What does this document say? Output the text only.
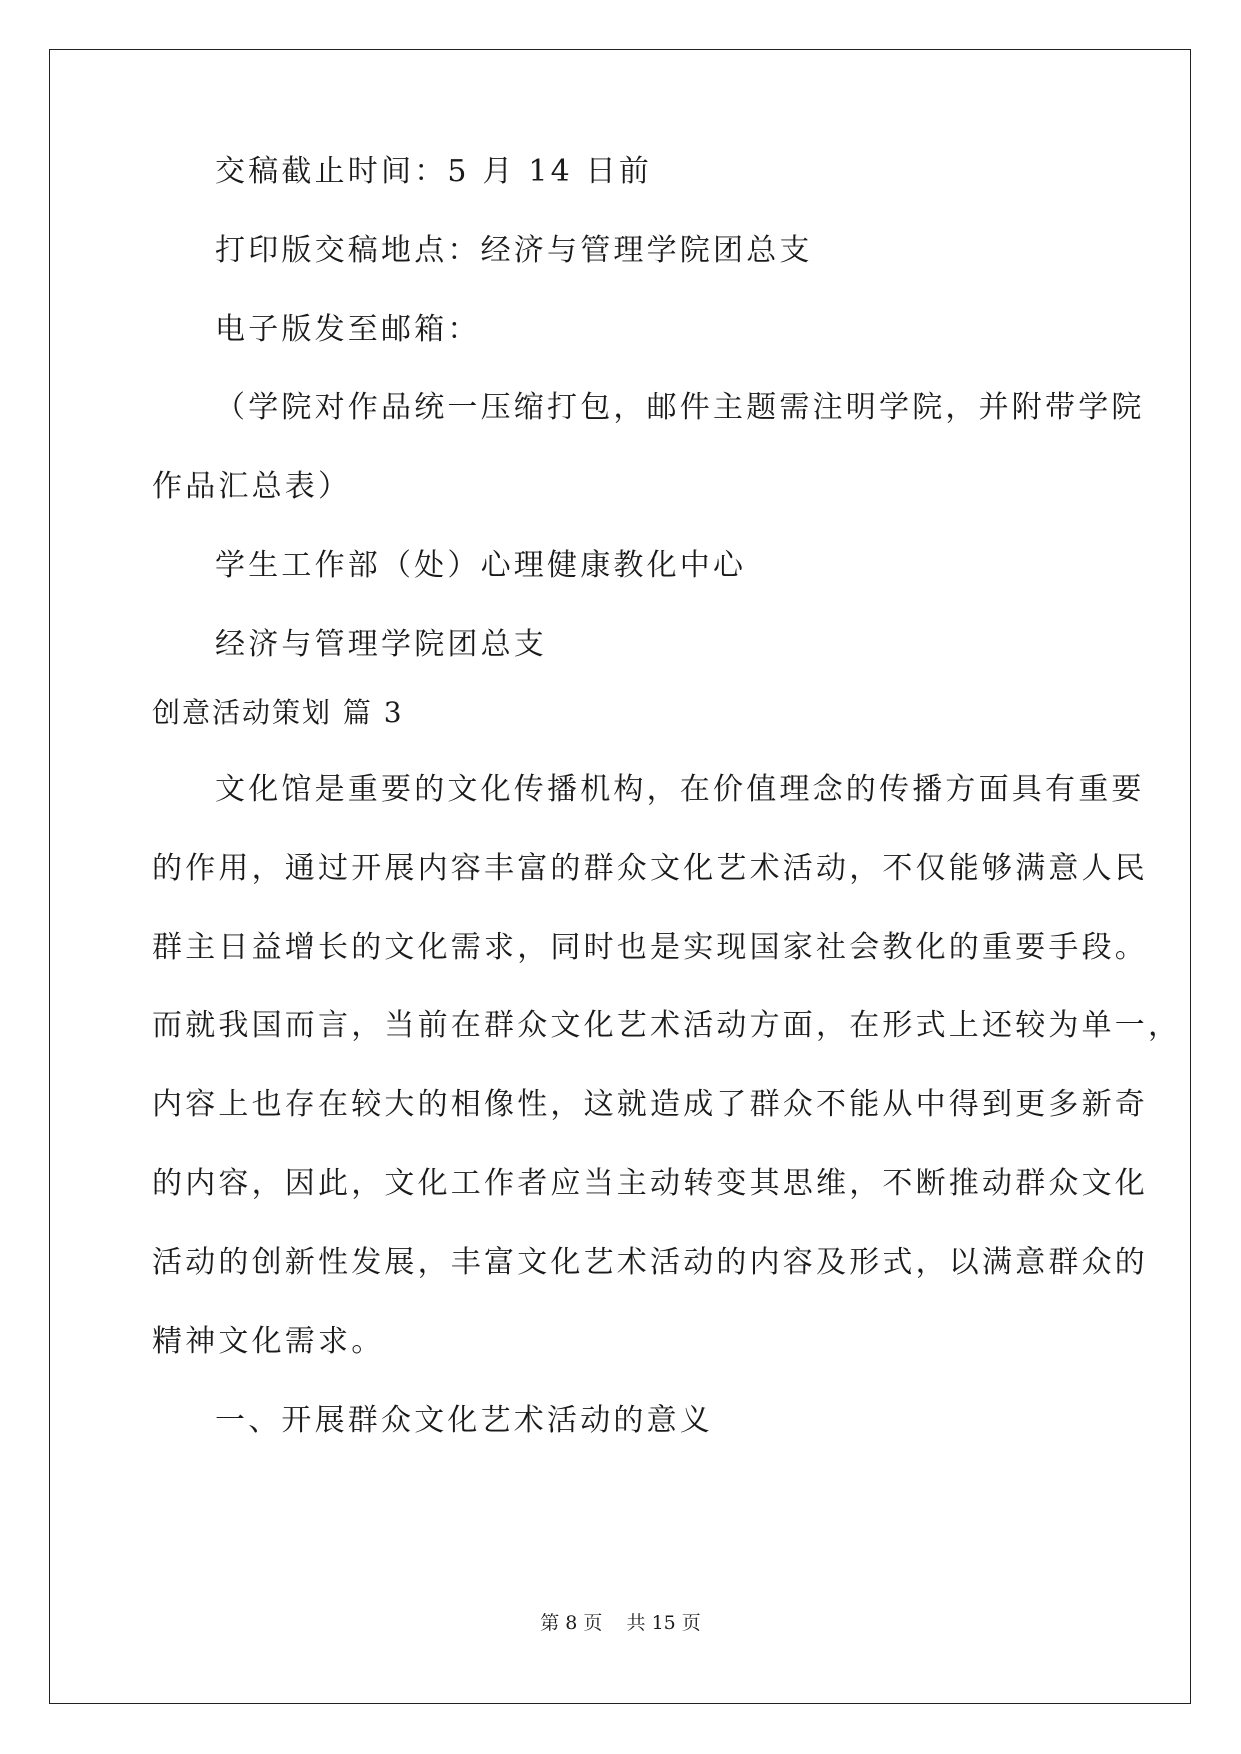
交稿截止时间：5 月 14 日前
打印版交稿地点：经济与管理学院团总支
电子版发至邮箱：
（学院对作品统一压缩打包，邮件主题需注明学院，并附带学院
作品汇总表）
学生工作部（处）心理健康教化中心
经济与管理学院团总支
创意活动策划 篇 3
文化馆是重要的文化传播机构，在价值理念的传播方面具有重要
的作用，通过开展内容丰富的群众文化艺术活动，不仅能够满意人民
群主日益增长的文化需求，同时也是实现国家社会教化的重要手段。
而就我国而言，当前在群众文化艺术活动方面，在形式上还较为单一，
内容上也存在较大的相像性，这就造成了群众不能从中得到更多新奇
的内容，因此，文化工作者应当主动转变其思维，不断推动群众文化
活动的创新性发展，丰富文化艺术活动的内容及形式，以满意群众的
精神文化需求。
一、开展群众文化艺术活动的意义
第 8 页    共 15 页
